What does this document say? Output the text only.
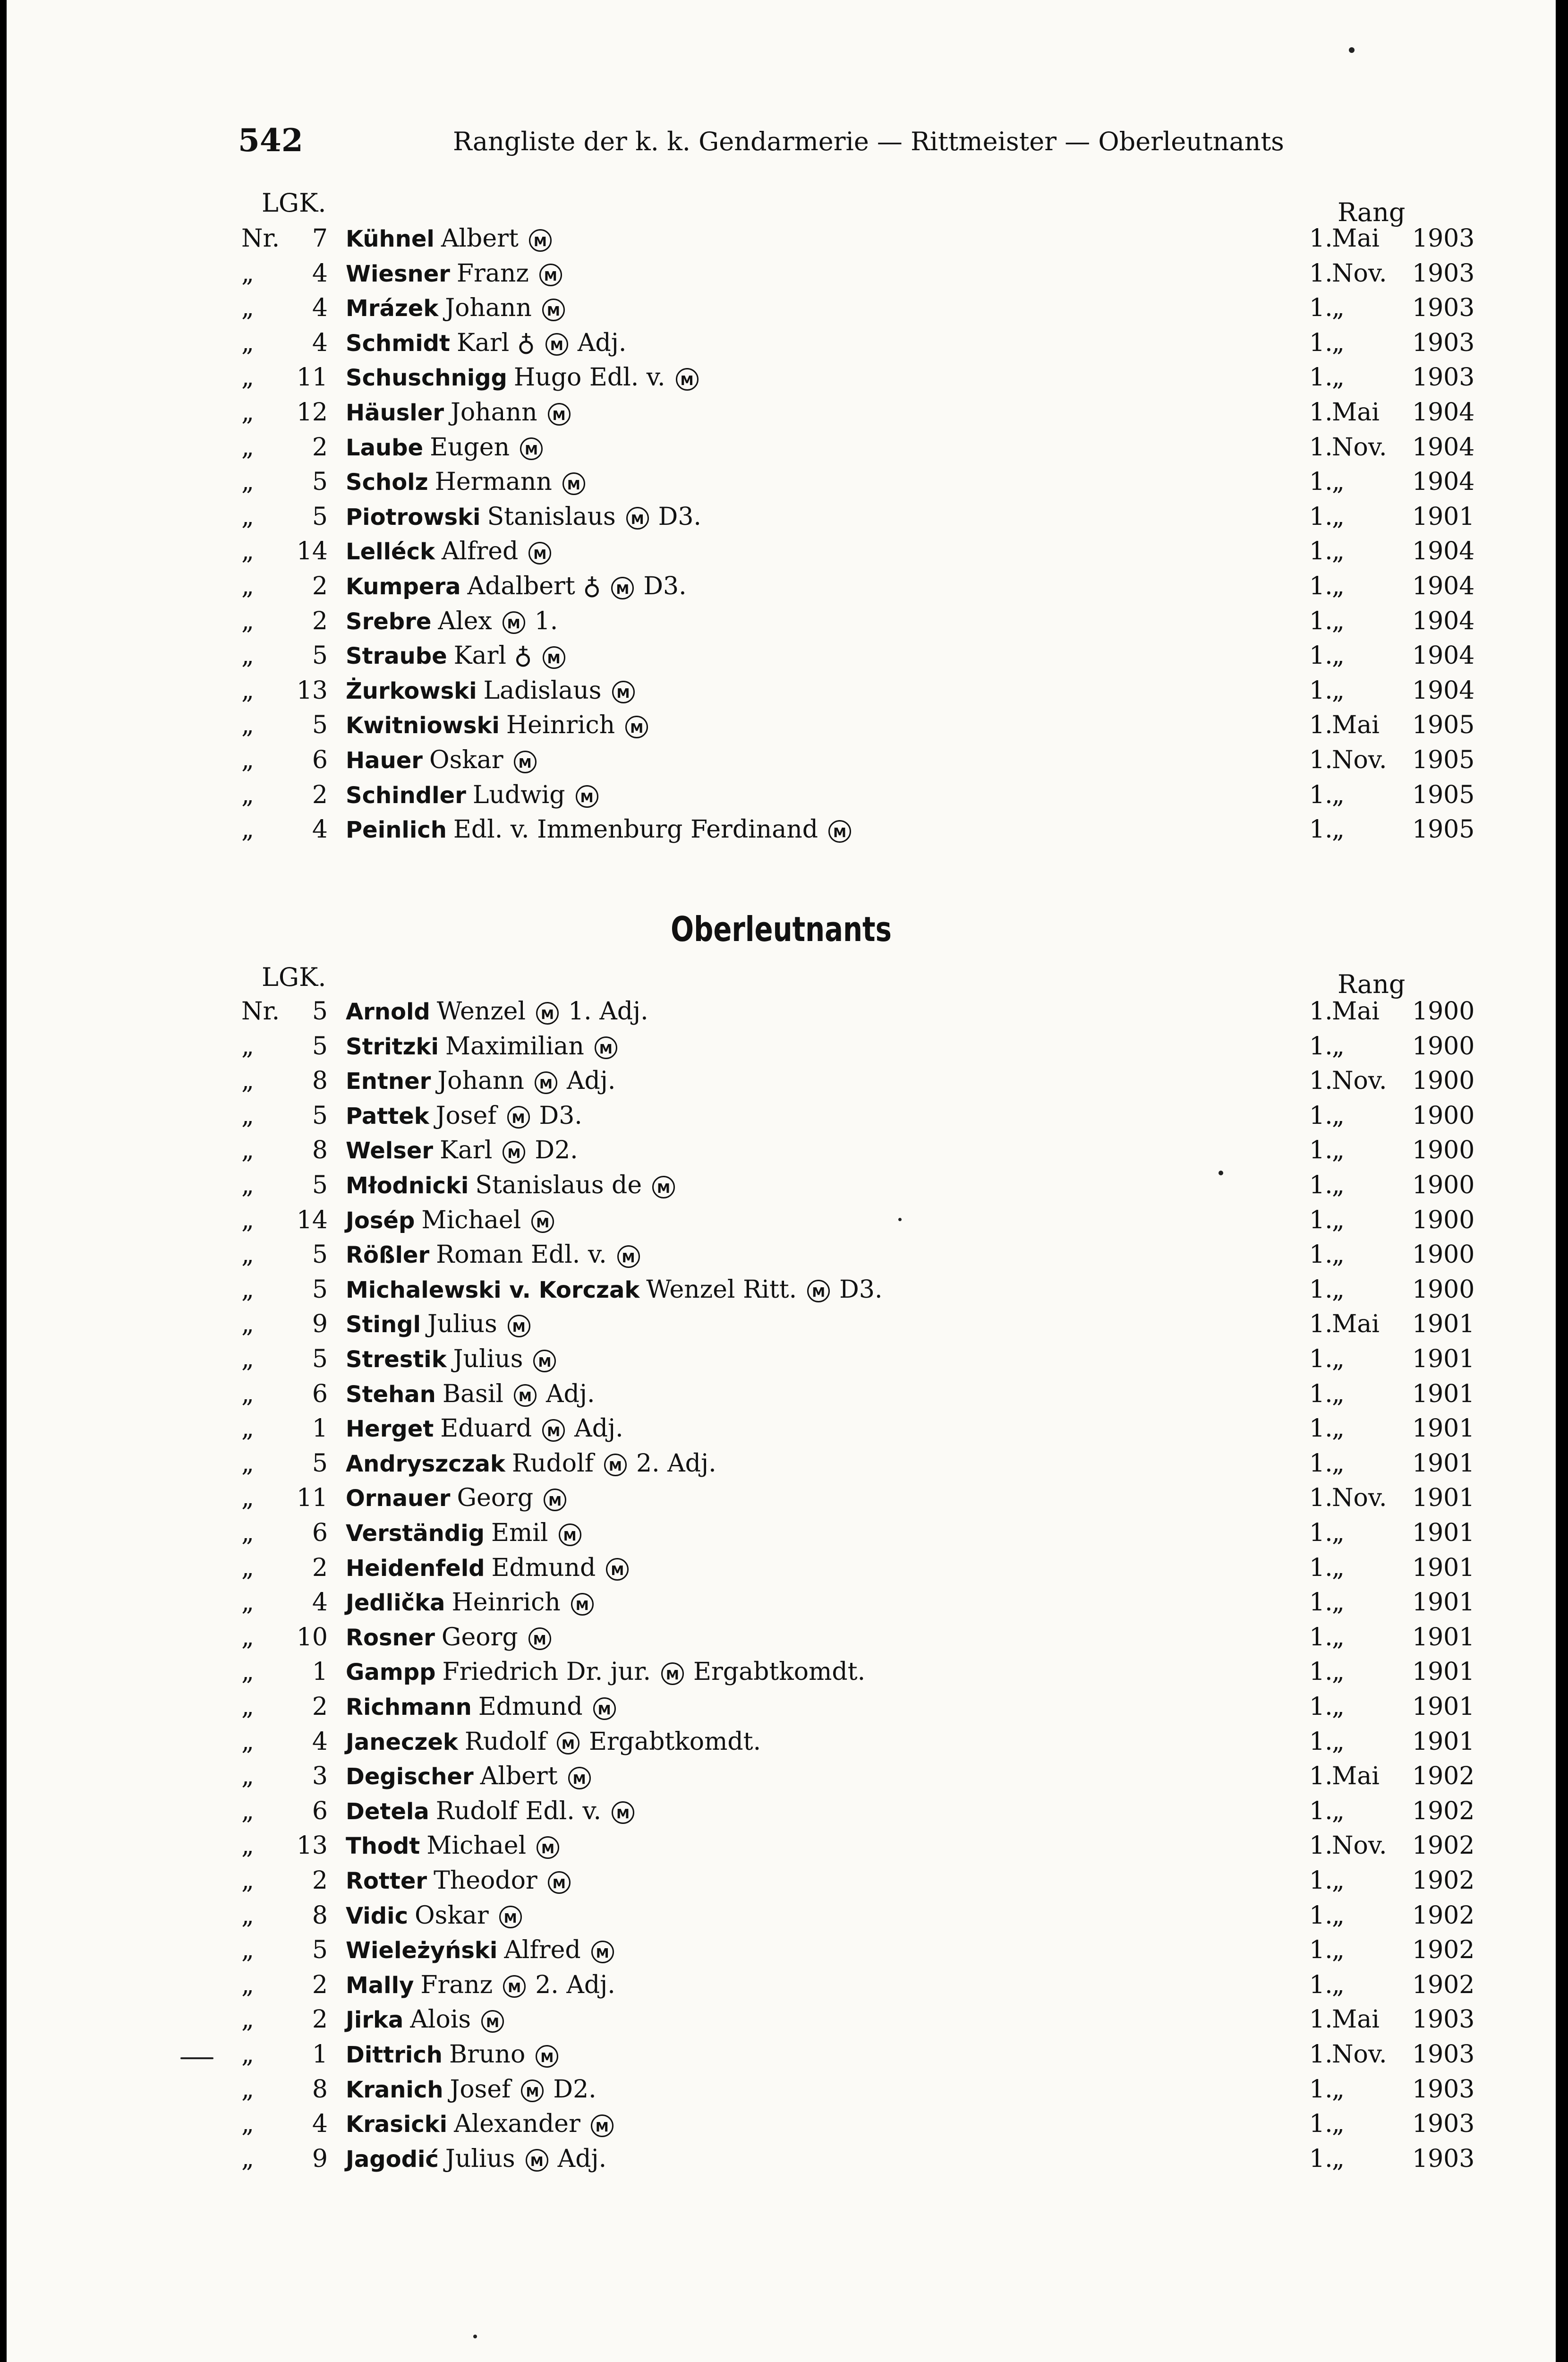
542	Rangliste der k. k. Gendarmerie — Rittmeister — Oberleutnants
LGK.	Rang
Nr.	7 Kühnel Albert M	1.Mai 1903
„	4 Wiesner Franz M	1.Nov. 1903
„	4 Mrázek Johann M	1.„	1903
„	4 Schmidt Karl ♁ M Adj.	1.„	1903
„	11 Schuschnigg Hugo Edl. v. M	1.„	1903
„	12 Häusler Johann M	1.Mai 1904
„	2 Laube Eugen M	1.Nov. 1904
„	5 Scholz Hermann M	1.„	1904
„	5 Piotrowski Stanislaus M D3.	1.„	1901
„	14 Lelléck Alfred M	1.„	1904
„	2 Kumpera Adalbert ♁ M D3.	1.„	1904
„	2 Srebre Alex M 1.	1.„	1904
„	5 Straube Karl ♁ M	1.„	1904
„	13 Żurkowski Ladislaus M	1.„	1904
„	5 Kwitniowski Heinrich M	1.Mai 1905
„	6 Hauer Oskar M	1.Nov. 1905
„	2 Schindler Ludwig M	1.„	1905
„	4 Peinlich Edl. v. Immenburg Ferdinand M	1.„	1905
Oberleutnants
LGK.	Rang
Nr.	5 Arnold Wenzel M 1. Adj.	1.Mai 1900
„	5 Stritzki Maximilian M	1.„	1900
„	8 Entner Johann M Adj.	1.Nov. 1900
„	5 Pattek Josef M D3.	1.„	1900
„	8 Welser Karl M D2.	1.„	1900
„	5 Młodnicki Stanislaus de M	1.„	1900
„	14 Josép Michael M	1.„	1900
„	5 Rößler Roman Edl. v. M	1.„	1900
„	5 Michalewski v. Korczak Wenzel Ritt. M D3.	1.„	1900
„	9 Stingl Julius M	1.Mai 1901
„	5 Strestik Julius M	1.„	1901
„	6 Stehan Basil M Adj.	1.„	1901
„	1 Herget Eduard M Adj.	1.„	1901
„	5 Andryszczak Rudolf M 2. Adj.	1.„	1901
„	11 Ornauer Georg M	1.Nov. 1901
„	6 Verständig Emil M	1.„	1901
„	2 Heidenfeld Edmund M	1.„	1901
„	4 Jedlička Heinrich M	1.„	1901
„	10 Rosner Georg M	1.„	1901
„	1 Gampp Friedrich Dr. jur. M Ergabtkomdt.	1.„	1901
„	2 Richmann Edmund M	1.„	1901
„	4 Janeczek Rudolf M Ergabtkomdt.	1.„	1901
„	3 Degischer Albert M	1.Mai 1902
„	6 Detela Rudolf Edl. v. M	1.„	1902
„	13 Thodt Michael M	1.Nov. 1902
„	2 Rotter Theodor M	1.„	1902
„	8 Vidic Oskar M	1.„	1902
„	5 Wieleżyński Alfred M	1.„	1902
„	2 Mally Franz M 2. Adj.	1.„	1902
„	2 Jirka Alois M	1.Mai 1903
„	1 Dittrich Bruno M	1.Nov. 1903
„	8 Kranich Josef M D2.	1.„	1903
„	4 Krasicki Alexander M	1.„	1903
„	9 Jagodić Julius M Adj.	1.„	1903
